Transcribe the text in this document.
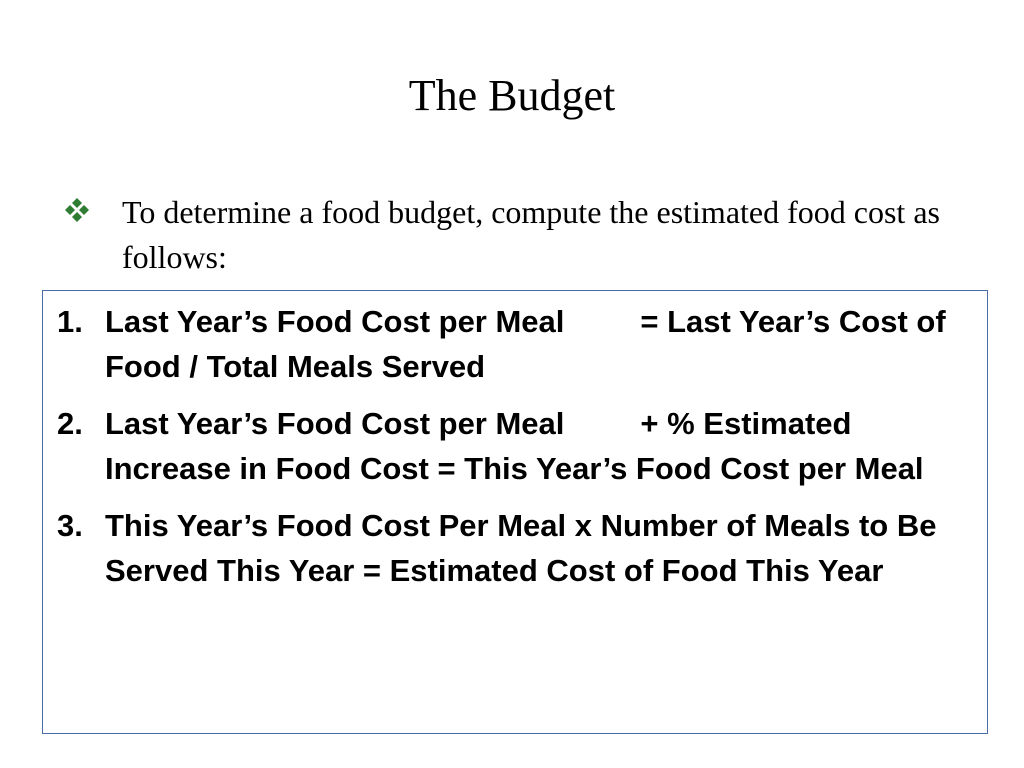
The Budget
To determine a food budget, compute the estimated food cost as follows:
1. Last Year’s Food Cost per Meal = Last Year’s Cost of Food / Total Meals Served
2. Last Year’s Food Cost per Meal + % Estimated Increase in Food Cost = This Year’s Food Cost per Meal
3. This Year’s Food Cost Per Meal x Number of Meals to Be Served This Year = Estimated Cost of Food This Year
